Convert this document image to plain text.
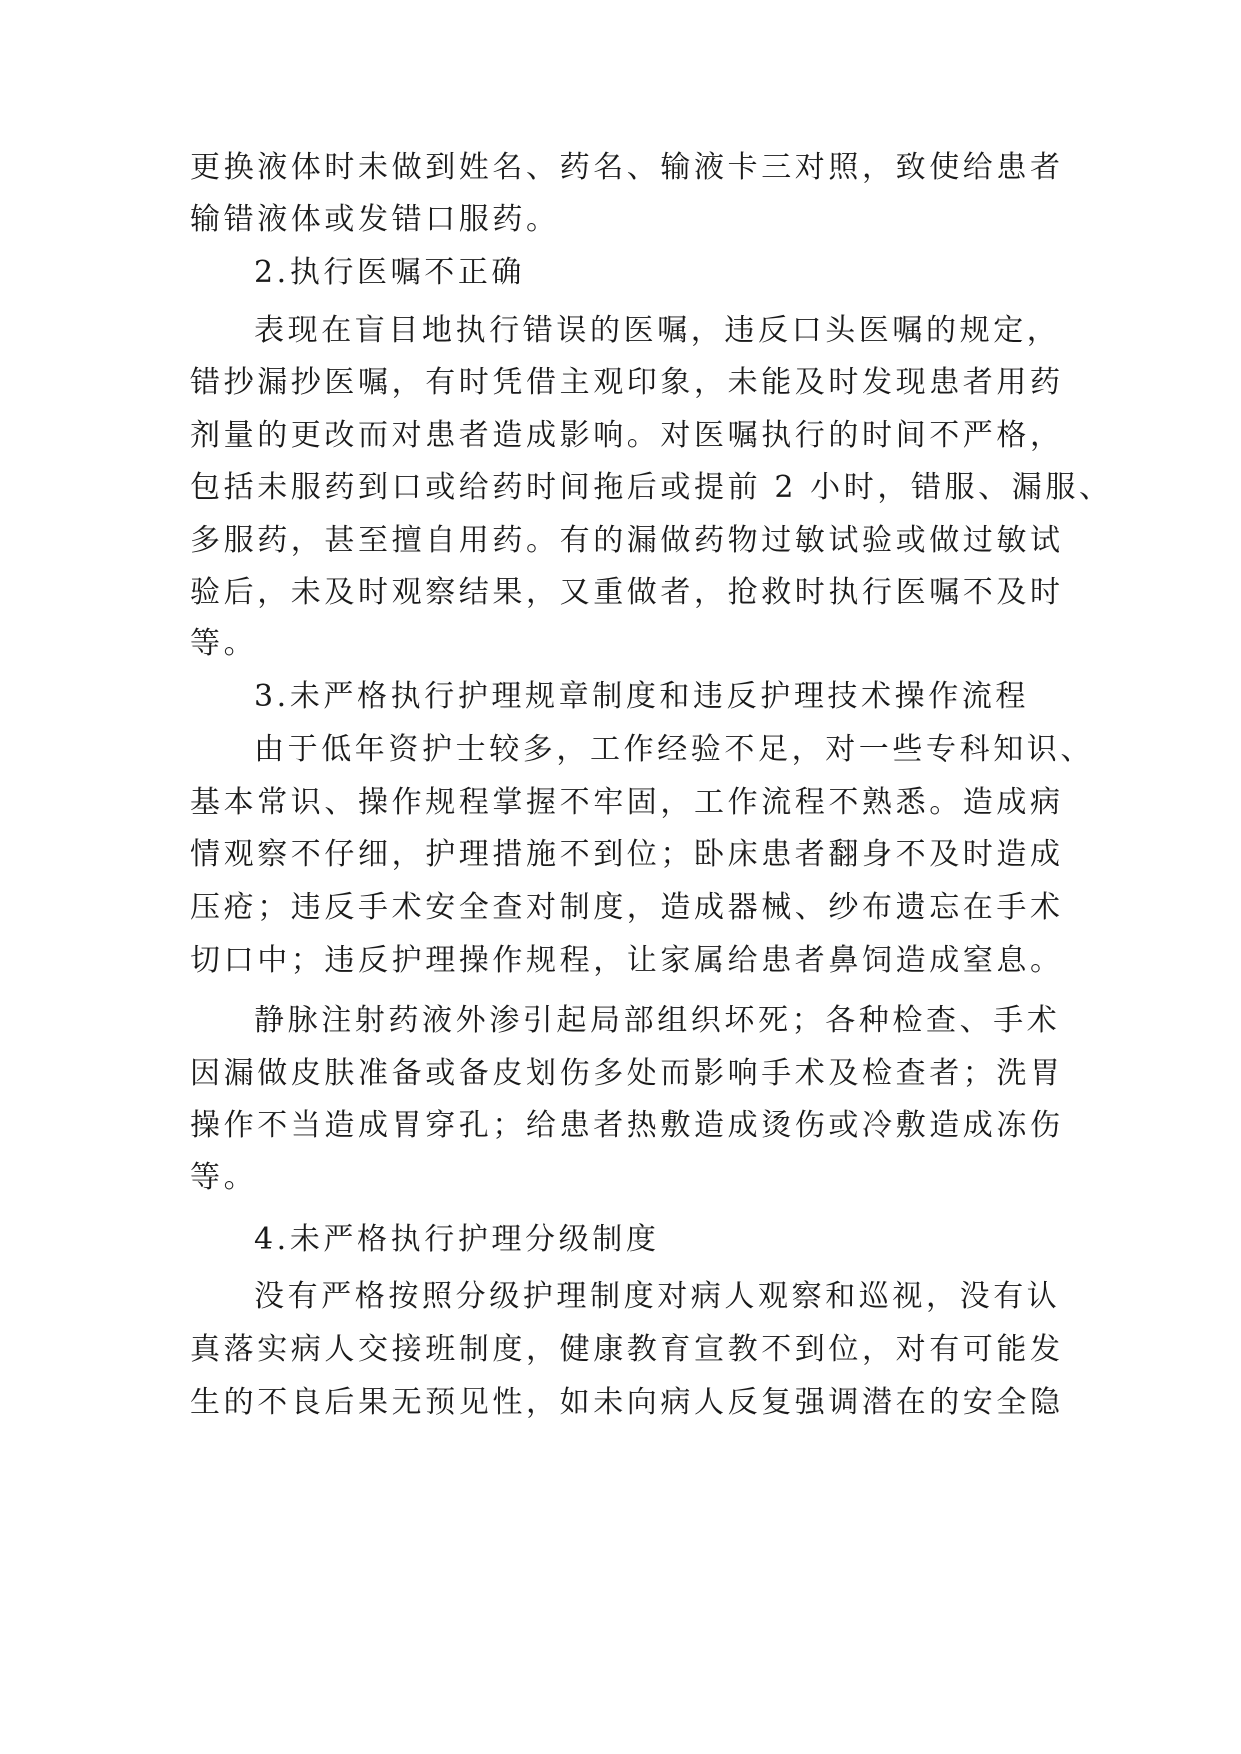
更换液体时未做到姓名、药名、输液卡三对照，致使给患者
输错液体或发错口服药。
2.执行医嘱不正确
表现在盲目地执行错误的医嘱，违反口头医嘱的规定，
错抄漏抄医嘱，有时凭借主观印象，未能及时发现患者用药
剂量的更改而对患者造成影响。对医嘱执行的时间不严格，
包括未服药到口或给药时间拖后或提前 2 小时，错服、漏服、
多服药，甚至擅自用药。有的漏做药物过敏试验或做过敏试
验后，未及时观察结果，又重做者，抢救时执行医嘱不及时
等。
3.未严格执行护理规章制度和违反护理技术操作流程
由于低年资护士较多，工作经验不足，对一些专科知识、
基本常识、操作规程掌握不牢固，工作流程不熟悉。造成病
情观察不仔细，护理措施不到位；卧床患者翻身不及时造成
压疮；违反手术安全查对制度，造成器械、纱布遗忘在手术
切口中；违反护理操作规程，让家属给患者鼻饲造成窒息。
静脉注射药液外渗引起局部组织坏死；各种检查、手术
因漏做皮肤准备或备皮划伤多处而影响手术及检查者；洗胃
操作不当造成胃穿孔；给患者热敷造成烫伤或冷敷造成冻伤
等。
4.未严格执行护理分级制度
没有严格按照分级护理制度对病人观察和巡视，没有认
真落实病人交接班制度，健康教育宣教不到位，对有可能发
生的不良后果无预见性，如未向病人反复强调潜在的安全隐
